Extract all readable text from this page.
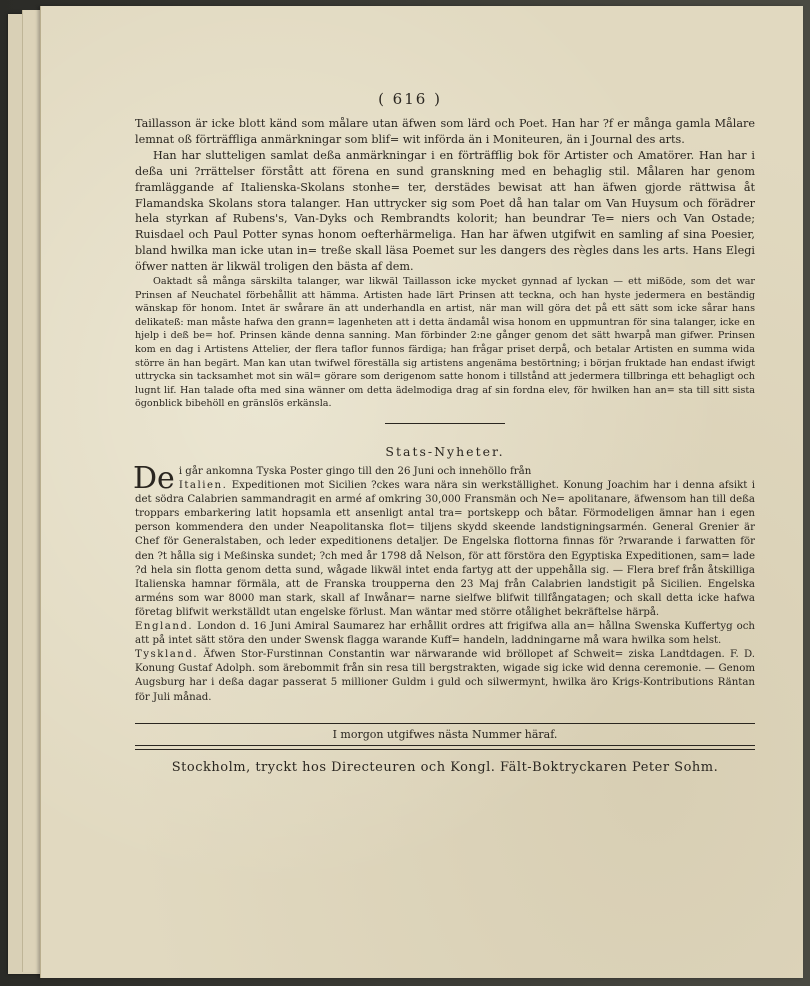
( 616 )

Taillasson är icke blott känd som målare utan äfwen som lärd och Poet. Han har ?f er många gamla Målare lemnat oß förträffliga anmärkningar som blif= wit införda än i Moniteuren, än i Journal des arts.

Han har slutteligen samlat deßa anmärkningar i en förträfflig bok för Artister och Amatörer. Han har i deßa uni ?rrättelser förstått att förena en sund granskning med en behaglig stil. Målaren har genom framläggande af Italienska-Skolans stonhe= ter, derstädes bewisat att han äfwen gjorde rättwisa åt Flamandska Skolans stora talanger. Han uttrycker sig som Poet då han talar om Van Huysum och förädrer hela styrkan af Rubens's, Van-Dyks och Rembrandts kolorit; han beundrar Te= niers och Van Ostade; Ruisdael och Paul Potter synas honom oefterhärmeliga. Han har äfwen utgifwit en samling af sina Poesier, bland hwilka man icke utan in= treße skall läsa Poemet sur les dangers des règles dans les arts. Hans Elegi öfwer natten är likwäl troligen den bästa af dem.

Oaktadt så många särskilta talanger, war likwäl Taillasson icke mycket gynnad af lyckan — ett mißöde, som det war Prinsen af Neuchatel förbehållit att hämma. Artisten hade lärt Prinsen att teckna, och han hyste jedermera en beständig wänskap för honom. Intet är swårare än att underhandla en artist, när man will göra det på ett sätt som icke sårar hans delikateß: man måste hafwa den grann= lagenheten att i detta ändamål wisa honom en uppmuntran för sina talanger, icke en hjelp i deß be= hof. Prinsen kände denna sanning. Man förbinder 2:ne gånger genom det sätt hwarpå man gifwer. Prinsen kom en dag i Artistens Attelier, der flera taflor funnos färdiga; han frågar priset derpå, och betalar Artisten en summa wida större än han begärt. Man kan utan twifwel föreställa sig artistens angenäma bestörtning; i början fruktade han endast ifwigt uttrycka sin tacksamhet mot sin wäl= görare som derigenom satte honom i tillstånd att jedermera tillbringa ett behagligt och lugnt lif. Han talade ofta med sina wänner om detta ädelmodiga drag af sin fordna elev, för hwilken han an= sta till sitt sista ögonblick bibehöll en gränslös erkänsla.

Stats-Nyheter.

De i går ankomna Tyska Poster gingo till den 26 Juni och innehöllo från
Italien. Expeditionen mot Sicilien ?ckes wara nära sin werkställighet. Konung Joachim har i denna afsikt i det södra Calabrien sammandragit en armé af omkring 30,000 Fransmän och Ne= apolitanare, äfwensom han till deßa troppars embarkering latit hopsamla ett ansenligt antal tra= portskepp och båtar. Förmodeligen ämnar han i egen person kommendera den under Neapolitanska flot= tiljens skydd skeende landstigningsarmén. General Grenier är Chef för Generalstaben, och leder expeditionens detaljer. De Engelska flottorna finnas för ?rwarande i farwatten för den ?t hålla sig i Meßinska sundet; ?ch med år 1798 då Nelson, för att förstöra den Egyptiska Expeditionen, sam= lade ?d hela sin flotta genom detta sund, wågade likwäl intet enda fartyg att der uppehålla sig. — Flera bref från åtskilliga Italienska hamnar förmäla, att de Franska troupperna den 23 Maj från Calabrien landstigit på Sicilien. Engelska arméns som war 8000 man stark, skall af Inwånar= narne sielfwe blifwit tillfångatagen; och skall detta icke hafwa företag blifwit werkställdt utan engelske förlust. Man wäntar med större otålighet bekräftelse härpå.
England. London d. 16 Juni Amiral Saumarez har erhållit ordres att frigifwa alla an= hållna Swenska Kuffertyg och att på intet sätt störa den under Swensk flagga warande Kuff= handeln, laddningarne må wara hwilka som helst.
Tyskland. Äfwen Stor-Furstinnan Constantin war närwarande wid bröllopet af Schweit= ziska Landtdagen. F. D. Konung Gustaf Adolph. som ärebommit från sin resa till bergstrakten, wigade sig icke wid denna ceremonie. — Genom Augsburg har i deßa dagar passerat 5 millioner Guldm i guld och silwermynt, hwilka äro Krigs-Kontributions Räntan för Juli månad.

I morgon utgifwes nästa Nummer häraf.

Stockholm, tryckt hos Directeuren och Kongl. Fält-Boktryckaren Peter Sohm.
